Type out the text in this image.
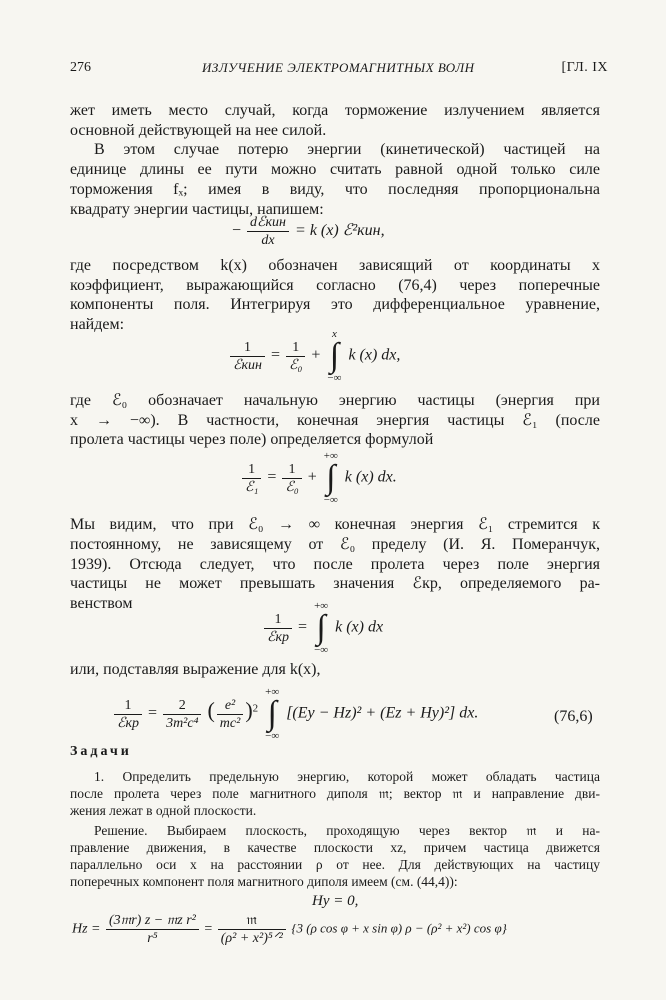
276	ИЗЛУЧЕНИЕ ЭЛЕКТРОМАГНИТНЫХ ВОЛН	[ГЛ. IX
жет иметь место случай, когда торможение излучением является
основной действующей на нее силой.
В этом случае потерю энергии (кинетической) частицей на
единице длины ее пути можно считать равной одной только силе
торможения fₓ; имея в виду, что последняя пропорциональна
квадрату энергии частицы, напишем:
− $\frac{\text{dℰкин}}{dx} = k$ (x) ℰ²кин,
где посредством k(x) обозначен зависящий от координаты x
коэффициент, выражающийся согласно (76,4) через поперечные
компоненты поля. Интегрируя это дифференциальное уравнение,
найдем:
$\frac{1}{\text{ℰкин}} = \frac{1}{\text{ℰ₀}}$ +
x
∫
−∞
k (x) dx,
где ℰ₀ обозначает начальную энергию частицы (энергия при
x → −∞). В частности, конечная энергия частицы ℰ₁ (после
пролета частицы через поле) определяется формулой
$\frac{1}{\text{ℰ₁}} = \frac{1}{\text{ℰ₀}}$ +
+∞
∫
−∞
k (x) dx.
Мы видим, что при ℰ₀ → ∞ конечная энергия ℰ₁ стремится к
постоянному, не зависящему от ℰ₀ пределу (И. Я. Померанчук,
1939). Отсюда следует, что после пролета через поле энергия
частицы не может превышать значения ℰкр, определяемого ра-
венством
$\frac{1}{\text{ℰкр}}$ =
+∞
∫
−∞
k (x) dx
или, подставляя выражение для k(x),
$\frac{1}{\text{ℰкр}} = \frac{2}{\text{3m²c⁴}}$ ( $\frac{\text{e²}}{\text{mc²}} )^2$
+∞
∫
−∞
[(Ey − Hz)² + (Ez + Hy)²] dx.	(76,6)
Задачи
1. Определить предельную энергию, которой может обладать частица
после пролета через поле магнитного диполя 𝔪; вектор 𝔪 и направление дви-
жения лежат в одной плоскости.
Решение. Выбираем плоскость, проходящую через вектор 𝔪 и на-
правление движения, в качестве плоскости xz, причем частица движется
параллельно оси x на расстоянии ρ от нее. Для действующих на частицу
поперечных компонент поля магнитного диполя имеем (см. (44,4)):
Hy = 0,
$Hz = \frac{\text{(3𝔪r) z − 𝔪z r²}}{\text{r⁵}} = \frac{\text{𝔪}}{\text{(ρ² + x²)⁵ᐟ²}} \{3$ (ρ cos φ + x sin φ) ρ − (ρ² + x²) cos φ}
